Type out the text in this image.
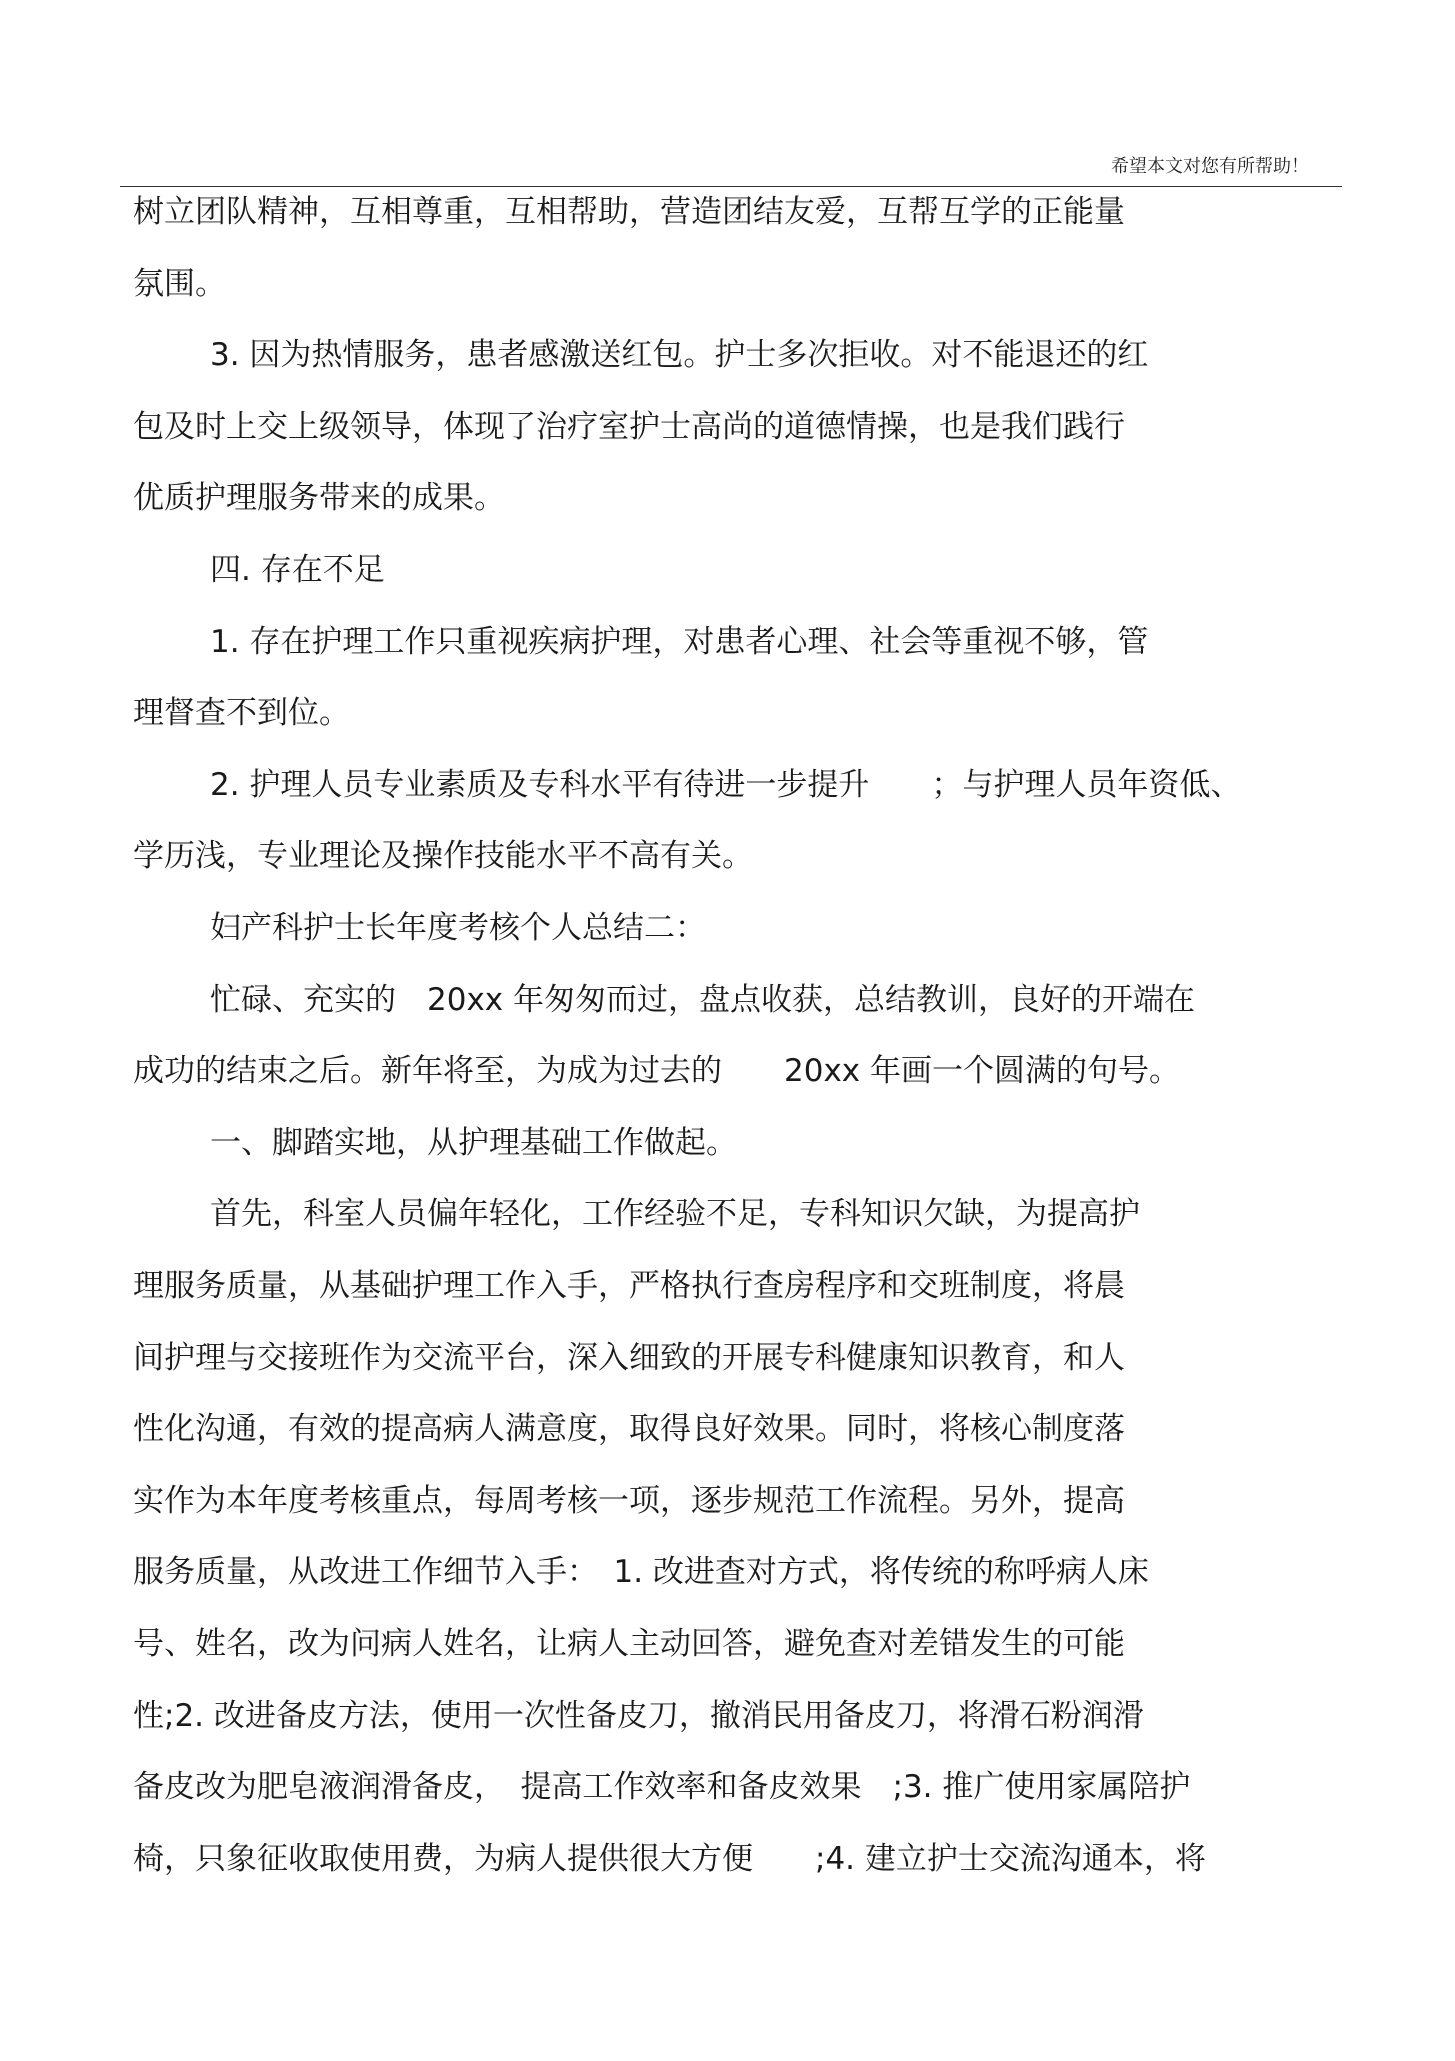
希望本文对您有所帮助！
树立团队精神，互相尊重，互相帮助，营造团结友爱，互帮互学的正能量
氛围。
3. 因为热情服务，患者感激送红包。护士多次拒收。对不能退还的红
包及时上交上级领导，体现了治疗室护士高尚的道德情操，也是我们践行
优质护理服务带来的成果。
四. 存在不足
1. 存在护理工作只重视疾病护理，对患者心理、社会等重视不够，管
理督查不到位。
2. 护理人员专业素质及专科水平有待进一步提升　　；与护理人员年资低、
学历浅，专业理论及操作技能水平不高有关。
妇产科护士长年度考核个人总结二：
忙碌、充实的　20xx 年匆匆而过，盘点收获，总结教训，良好的开端在
成功的结束之后。新年将至，为成为过去的　　20xx 年画一个圆满的句号。
一、脚踏实地，从护理基础工作做起。
首先，科室人员偏年轻化，工作经验不足，专科知识欠缺，为提高护
理服务质量，从基础护理工作入手，严格执行查房程序和交班制度，将晨
间护理与交接班作为交流平台，深入细致的开展专科健康知识教育，和人
性化沟通，有效的提高病人满意度，取得良好效果。同时，将核心制度落
实作为本年度考核重点，每周考核一项，逐步规范工作流程。另外，提高
服务质量，从改进工作细节入手：　1. 改进查对方式，将传统的称呼病人床
号、姓名，改为问病人姓名，让病人主动回答，避免查对差错发生的可能
性;2. 改进备皮方法，使用一次性备皮刀，撤消民用备皮刀，将滑石粉润滑
备皮改为肥皂液润滑备皮，　提高工作效率和备皮效果　;3. 推广使用家属陪护
椅，只象征收取使用费，为病人提供很大方便　　;4. 建立护士交流沟通本，将
